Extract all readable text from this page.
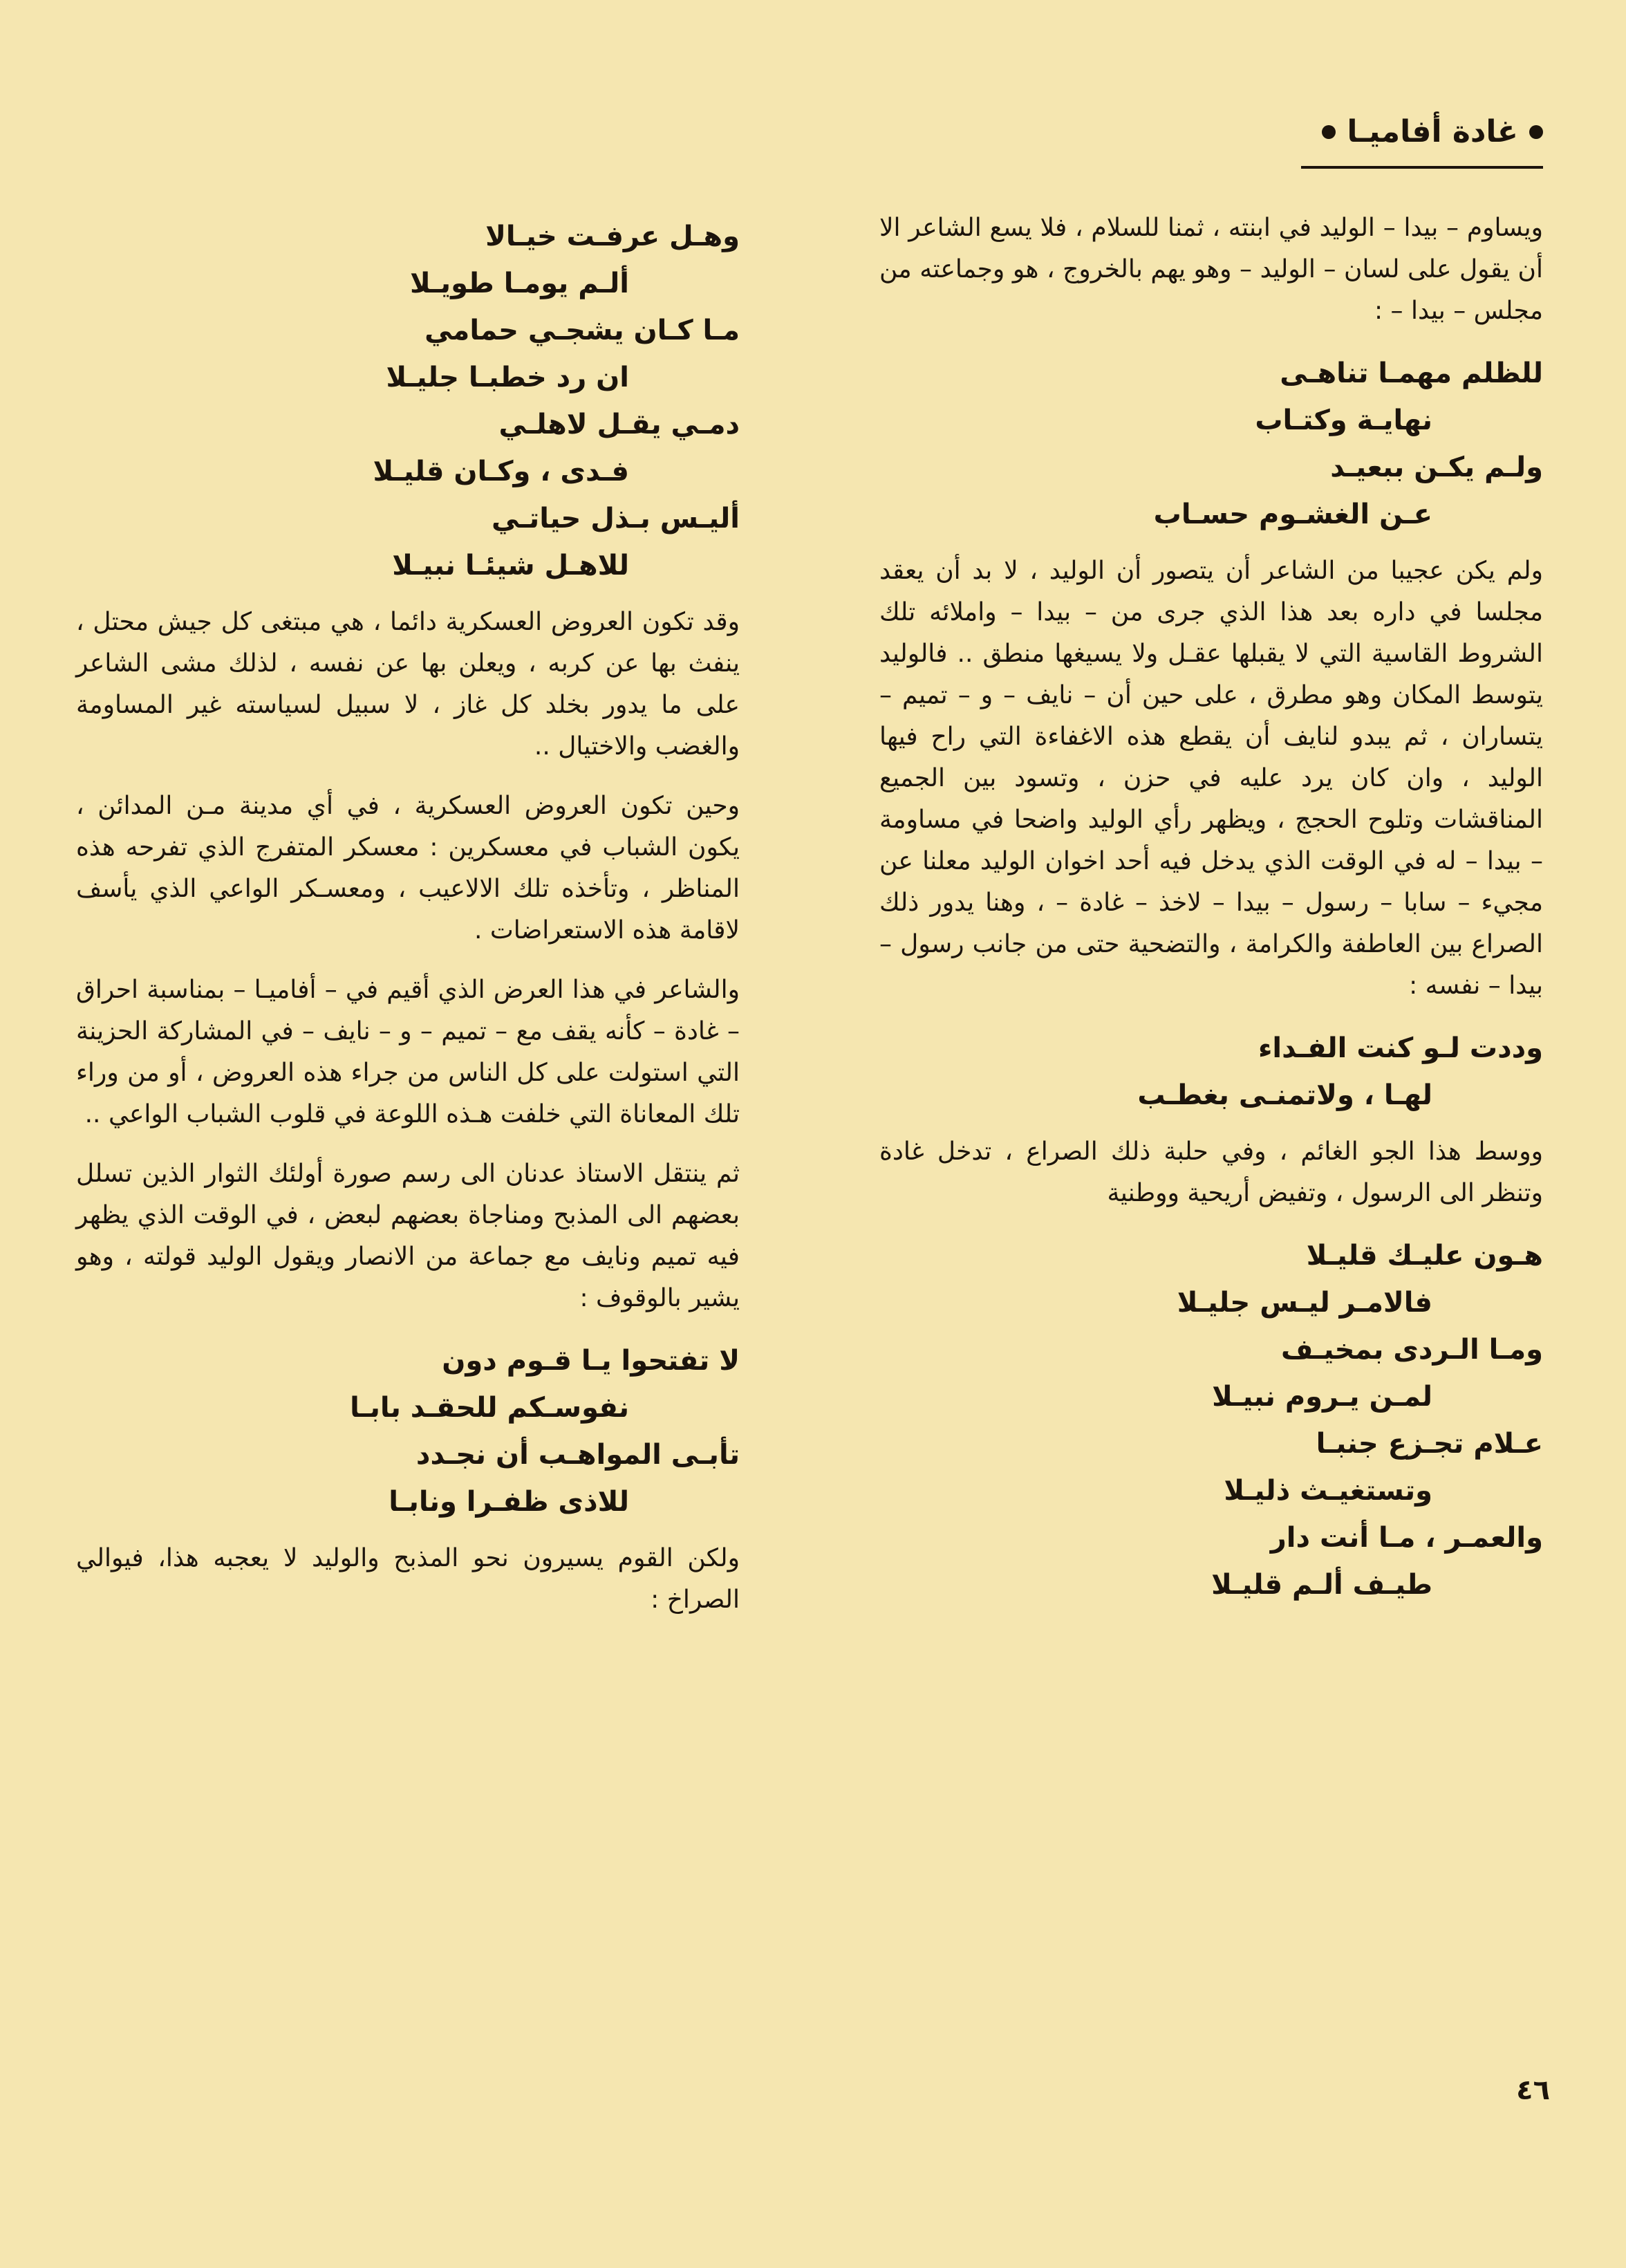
غادة أفاميـا

ويساوم – بيدا – الوليد في ابنته ، ثمنا للسلام ، فلا يسع الشاعر الا أن يقول على لسان – الوليد – وهو يهم بالخروج ، هو وجماعته من مجلس – بيدا – :

للظلم مهمـا تناهـى
نهايـة وكتـاب
ولـم يكـن ببعيـد
عـن الغشـوم حسـاب

ولم يكن عجيبا من الشاعر أن يتصور أن الوليد ، لا بد أن يعقد مجلسا في داره بعد هذا الذي جرى من – بيدا – واملائه تلك الشروط القاسية التي لا يقبلها عقـل ولا يسيغها منطق .. فالوليد يتوسط المكان وهو مطرق ، على حين أن – نايف – و – تميم – يتساران ، ثم يبدو لنايف أن يقطع هذه الاغفاءة التي راح فيها الوليد ، وان كان يرد عليه في حزن ، وتسود بين الجميع المناقشات وتلوح الحجج ، ويظهر رأي الوليد واضحا في مساومة – بيدا – له في الوقت الذي يدخل فيه أحد اخوان الوليد معلنا عن مجيء – سابا – رسول – بيدا – لاخذ – غادة – ، وهنا يدور ذلك الصراع بين العاطفة والكرامة ، والتضحية حتى من جانب رسول – بيدا – نفسه :

وددت لـو كنت الفـداء
لهـا ، ولاتمنـى بغطـب

ووسط هذا الجو الغائم ، وفي حلبة ذلك الصراع ، تدخل غادة وتنظر الى الرسول ، وتفيض أريحية ووطنية

هـون عليـك قليـلا
فالامـر ليـس جليـلا
ومـا الـردى بمخيـف
لمـن يـروم نبيـلا
عـلام تجـزع جنبـا
وتستغيـث ذليـلا
والعمـر ، مـا أنت دار
طيـف ألـم قليـلا
وهـل عرفـت خيـالا
ألـم يومـا طويـلا
مـا كـان يشجـي حمامي
ان رد خطبـا جليـلا
دمـي يقـل لاهلـي
فـدى ، وكـان قليـلا
أليـس بـذل حياتـي
للاهـل شيئـا نبيـلا

وقد تكون العروض العسكرية دائما ، هي مبتغى كل جيش محتل ، ينفث بها عن كربه ، ويعلن بها عن نفسه ، لذلك مشى الشاعر على ما يدور بخلد كل غاز ، لا سبيل لسياسته غير المساومة والغضب والاختيال ..

وحين تكون العروض العسكرية ، في أي مدينة مـن المدائن ، يكون الشباب في معسكرين : معسكر المتفرج الذي تفرحه هذه المناظر ، وتأخذه تلك الالاعيب ، ومعسـكر الواعي الذي يأسف لاقامة هذه الاستعراضات .

والشاعر في هذا العرض الذي أقيم في – أفاميـا – بمناسبة احراق – غادة – كأنه يقف مع – تميم – و – نايف – في المشاركة الحزينة التي استولت على كل الناس من جراء هذه العروض ، أو من وراء تلك المعاناة التي خلفت هـذه اللوعة في قلوب الشباب الواعي ..

ثم ينتقل الاستاذ عدنان الى رسم صورة أولئك الثوار الذين تسلل بعضهم الى المذبح ومناجاة بعضهم لبعض ، في الوقت الذي يظهر فيه تميم ونايف مع جماعة من الانصار ويقول الوليد قولته ، وهو يشير بالوقوف :

لا تفتحوا يـا قـوم دون
نفوسـكم للحقـد بابـا
تأبـى المواهـب أن نجـدد
للاذى ظفـرا ونابـا

ولكن القوم يسيرون نحو المذبح والوليد لا يعجبه هذا، فيوالي الصراخ :

٤٦
